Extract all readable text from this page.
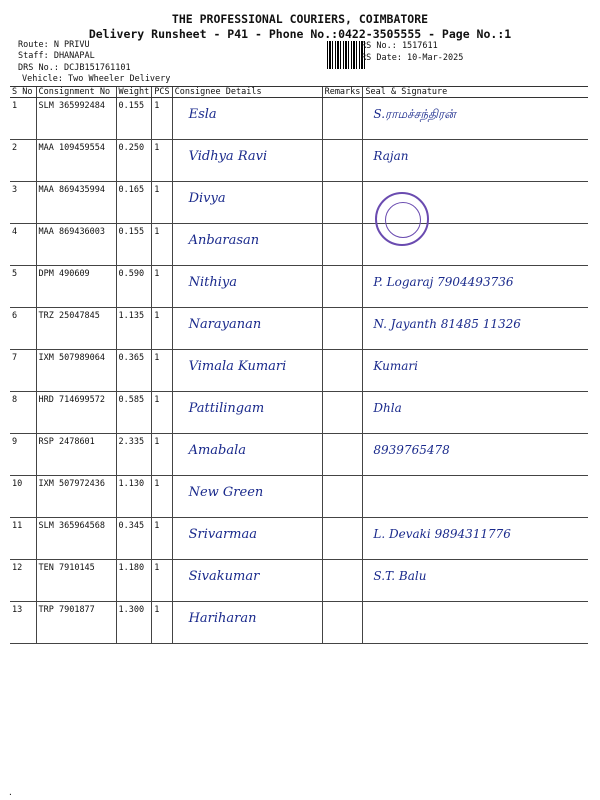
THE PROFESSIONAL COURIERS, COIMBATORE
Delivery Runsheet - P41 - Phone No.:0422-3505555 - Page No.:1
Route: N PRIVU
Staff: DHANAPAL
DRS No.: DCJB151761101
Vehicle: Two Wheeler Delivery
RS No.: 1517611
RS Date: 10-Mar-2025
S No	Consignment No	Weight	PCS	Consignee Details	Remarks	Seal & Signature
1	SLM 365992484	0.155	1	Esla		S.ராமச்சந்திரன்

2	MAA 109459554	0.250	1	Vidhya Ravi		Rajan

3	MAA 869435994	0.165	1	Divya		

4	MAA 869436003	0.155	1	Anbarasan		

5	DPM 490609	0.590	1	Nithiya		P. Logaraj 7904493736

6	TRZ 25047845	1.135	1	Narayanan		N. Jayanth 81485 11326

7	IXM 507989064	0.365	1	Vimala Kumari		Kumari

8	HRD 714699572	0.585	1	Pattilingam		Dhla

9	RSP 2478601	2.335	1	Amabala		8939765478

10	IXM 507972436	1.130	1	New Green		

11	SLM 365964568	0.345	1	Srivarmaa		L. Devaki 9894311776

12	TEN 7910145	1.180	1	Sivakumar		S.T. Balu

13	TRP 7901877	1.300	1	Hariharan		
.
